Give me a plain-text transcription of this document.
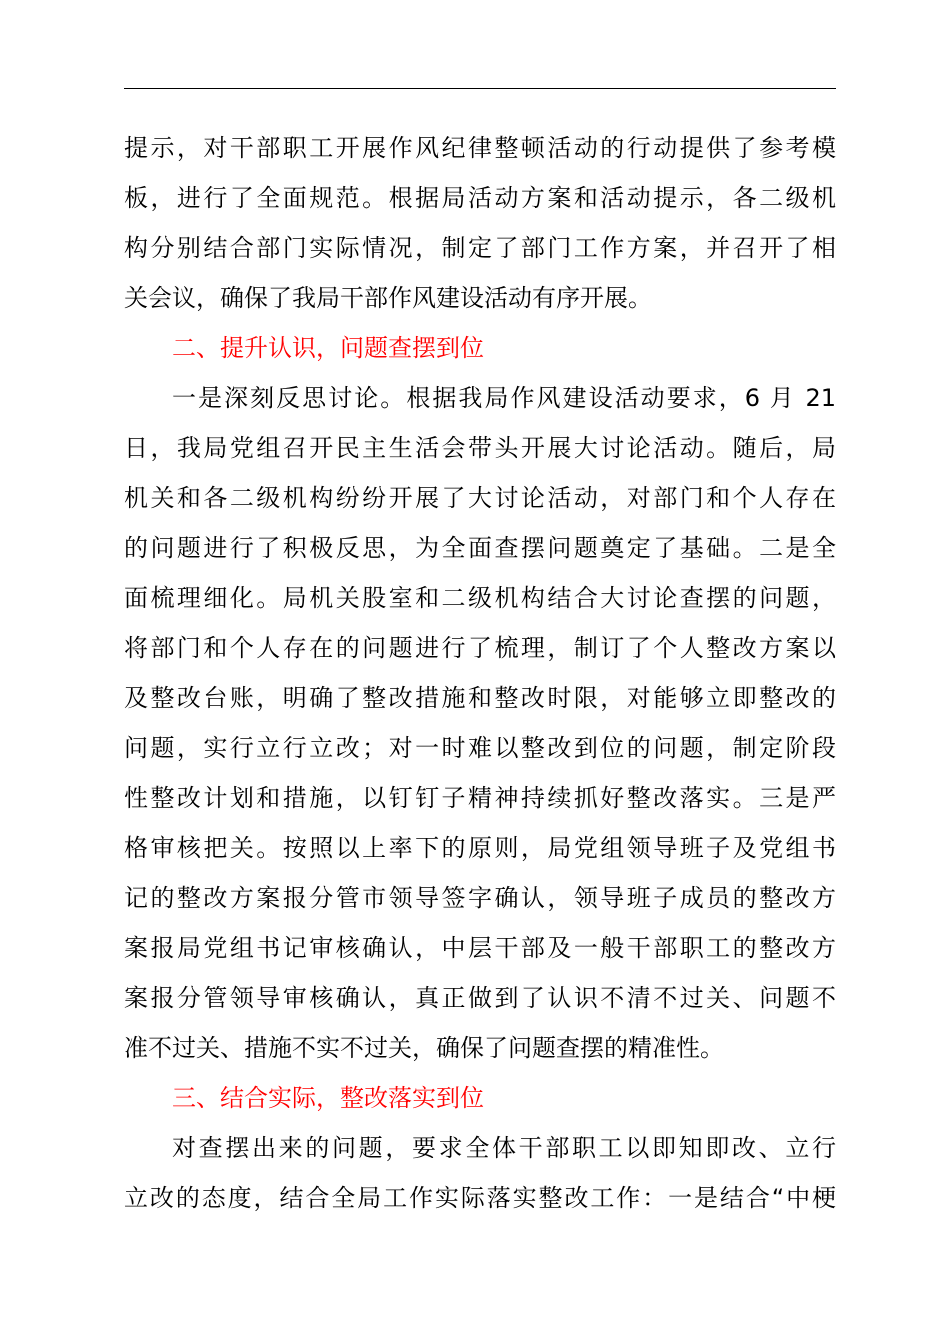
提示，对干部职工开展作风纪律整顿活动的行动提供了参考模
板，进行了全面规范。根据局活动方案和活动提示，各二级机
构分别结合部门实际情况，制定了部门工作方案，并召开了相
关会议，确保了我局干部作风建设活动有序开展。
二、提升认识，问题查摆到位
一是深刻反思讨论。根据我局作风建设活动要求，6 月 21
日，我局党组召开民主生活会带头开展大讨论活动。随后，局
机关和各二级机构纷纷开展了大讨论活动，对部门和个人存在
的问题进行了积极反思，为全面查摆问题奠定了基础。二是全
面梳理细化。局机关股室和二级机构结合大讨论查摆的问题，
将部门和个人存在的问题进行了梳理，制订了个人整改方案以
及整改台账，明确了整改措施和整改时限，对能够立即整改的
问题，实行立行立改；对一时难以整改到位的问题，制定阶段
性整改计划和措施，以钉钉子精神持续抓好整改落实。三是严
格审核把关。按照以上率下的原则，局党组领导班子及党组书
记的整改方案报分管市领导签字确认，领导班子成员的整改方
案报局党组书记审核确认，中层干部及一般干部职工的整改方
案报分管领导审核确认，真正做到了认识不清不过关、问题不
准不过关、措施不实不过关，确保了问题查摆的精准性。
三、结合实际，整改落实到位
对查摆出来的问题，要求全体干部职工以即知即改、立行
立改的态度，结合全局工作实际落实整改工作：一是结合“中梗
